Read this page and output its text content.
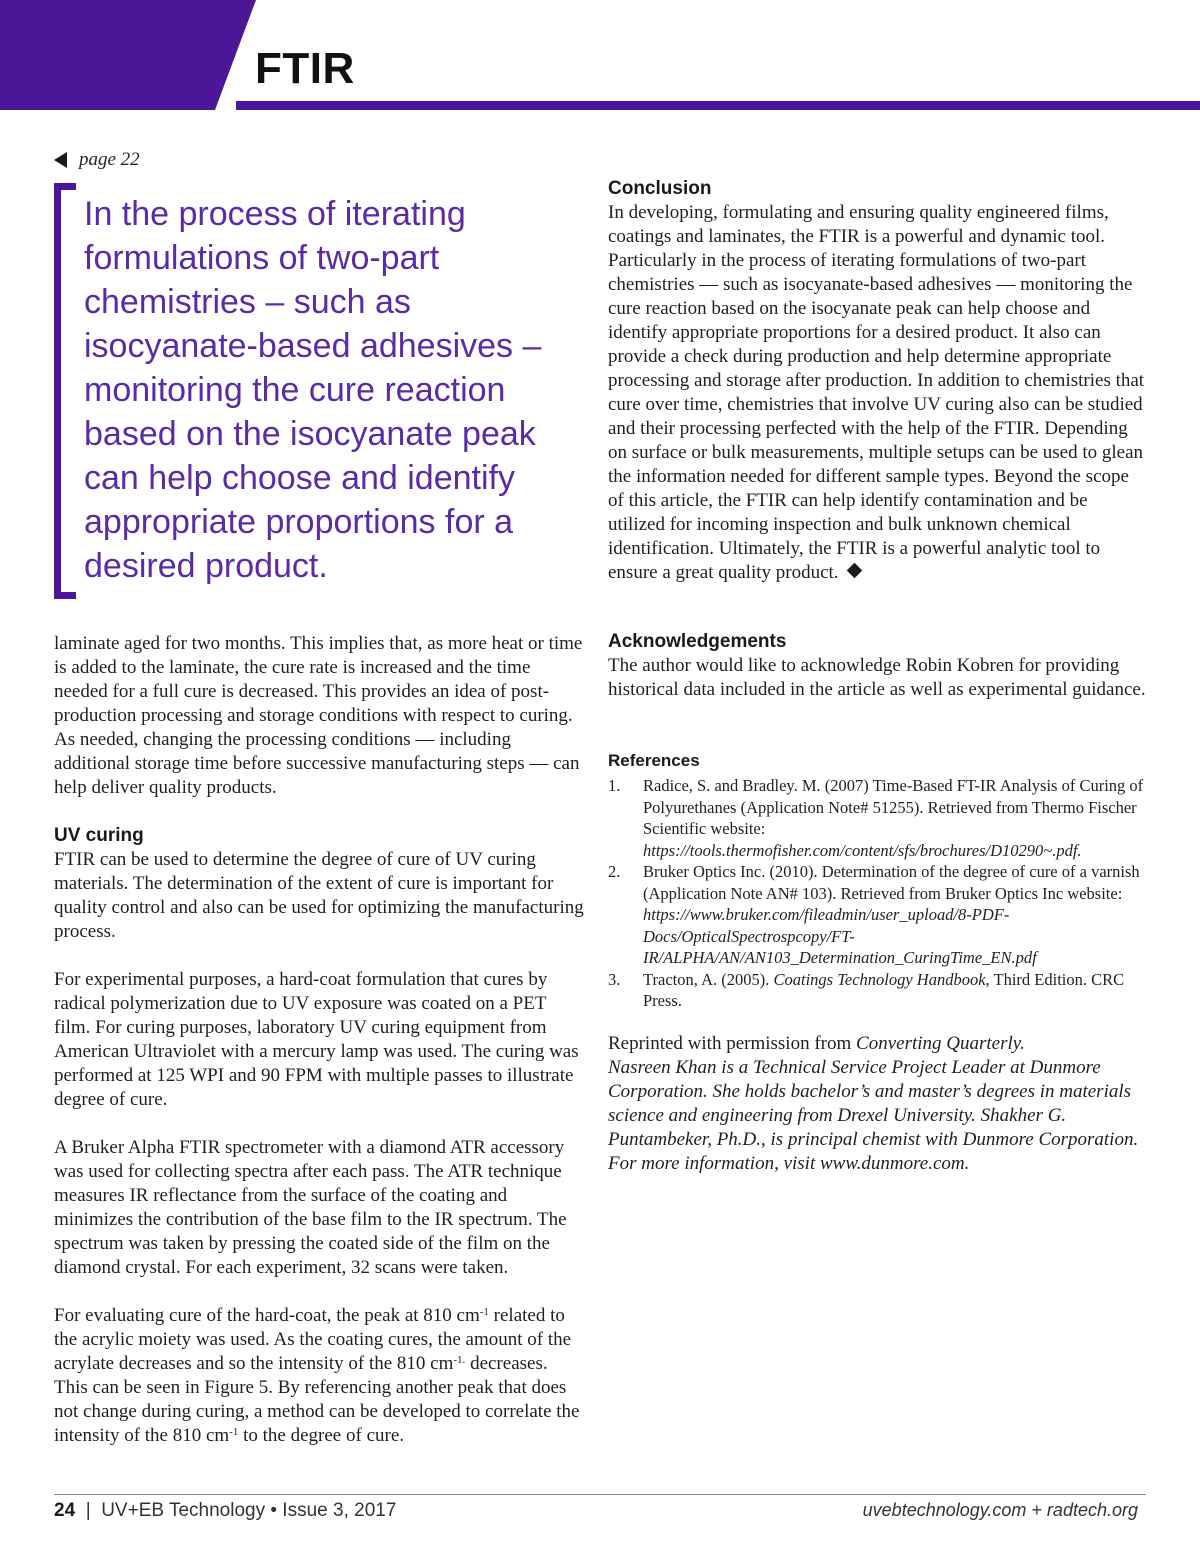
FTIR
page 22
In the process of iterating formulations of two-part chemistries – such as isocyanate-based adhesives – monitoring the cure reaction based on the isocyanate peak can help choose and identify appropriate proportions for a desired product.

laminate aged for two months. This implies that, as more heat or time is added to the laminate, the cure rate is increased and the time needed for a full cure is decreased. This provides an idea of post-production processing and storage conditions with respect to curing. As needed, changing the processing conditions — including additional storage time before successive manufacturing steps — can help deliver quality products.

UV curing

FTIR can be used to determine the degree of cure of UV curing materials. The determination of the extent of cure is important for quality control and also can be used for optimizing the manufacturing process.

For experimental purposes, a hard-coat formulation that cures by radical polymerization due to UV exposure was coated on a PET film. For curing purposes, laboratory UV curing equipment from American Ultraviolet with a mercury lamp was used. The curing was performed at 125 WPI and 90 FPM with multiple passes to illustrate degree of cure.

A Bruker Alpha FTIR spectrometer with a diamond ATR accessory was used for collecting spectra after each pass. The ATR technique measures IR reflectance from the surface of the coating and minimizes the contribution of the base film to the IR spectrum. The spectrum was taken by pressing the coated side of the film on the diamond crystal. For each experiment, 32 scans were taken.

For evaluating cure of the hard-coat, the peak at 810 $cm^{-1}$ related to the acrylic moiety was used. As the coating cures, the amount of the acrylate decreases and so the intensity of the 810 $cm^{-1.}$ decreases. This can be seen in Figure 5. By referencing another peak that does not change during curing, a method can be developed to correlate the intensity of the 810 $cm^{-1}$ to the degree of cure.

Conclusion

In developing, formulating and ensuring quality engineered films, coatings and laminates, the FTIR is a powerful and dynamic tool. Particularly in the process of iterating formulations of two-part chemistries — such as isocyanate-based adhesives — monitoring the cure reaction based on the isocyanate peak can help choose and identify appropriate proportions for a desired product. It also can provide a check during production and help determine appropriate processing and storage after production. In addition to chemistries that cure over time, chemistries that involve UV curing also can be studied and their processing perfected with the help of the FTIR. Depending on surface or bulk measurements, multiple setups can be used to glean the information needed for different sample types. Beyond the scope of this article, the FTIR can help identify contamination and be utilized for incoming inspection and bulk unknown chemical identification. Ultimately, the FTIR is a powerful analytic tool to ensure a great quality product.

Acknowledgements

The author would like to acknowledge Robin Kobren for providing historical data included in the article as well as experimental guidance.

References
1.	Radice, S. and Bradley. M. (2007) Time-Based FT-IR Analysis of Curing of Polyurethanes (Application Note# 51255). Retrieved from Thermo Fischer Scientific website: https://tools.thermofisher.com/content/sfs/brochures/D10290~.pdf.
2.	Bruker Optics Inc. (2010). Determination of the degree of cure of a varnish (Application Note AN# 103). Retrieved from Bruker Optics Inc website: https://www.bruker.com/fileadmin/user_upload/8-PDF-Docs/OpticalSpectrospcopy/FT-IR/ALPHA/AN/AN103_Determination_CuringTime_EN.pdf
3.	Tracton, A. (2005). Coatings Technology Handbook, Third Edition. CRC Press.
Reprinted with permission from Converting Quarterly.
Nasreen Khan is a Technical Service Project Leader at Dunmore Corporation. She holds bachelor’s and master’s degrees in materials science and engineering from Drexel University. Shakher G. Puntambeker, Ph.D., is principal chemist with Dunmore Corporation. For more information, visit www.dunmore.com.
24 | UV+EB Technology • Issue 3, 2017	uvebtechnology.com + radtech.org
